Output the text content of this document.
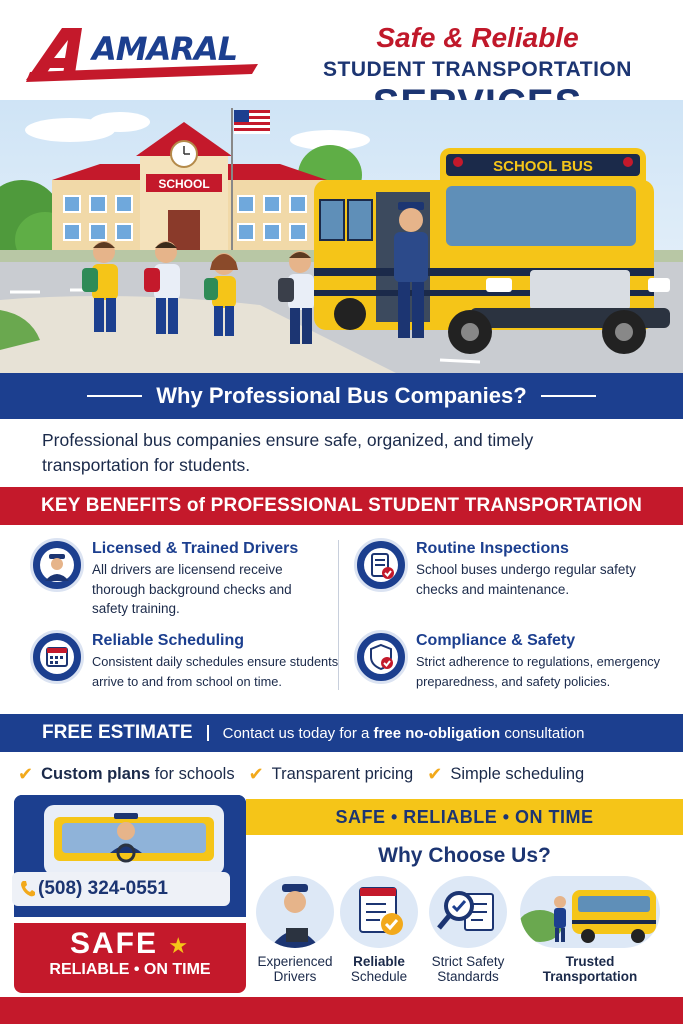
AMARAL	Safe & Reliable
STUDENT TRANSPORTATION
SCHOOL
SCHOOL BUS
Why Professional Bus Companies?
Professional bus companies ensure safe, organized, and timely transportation for students.
KEY BENEFITS of PROFESSIONAL STUDENT TRANSPORTATION
Licensed & Trained Drivers
All drivers are licensend receive thorough background checks and safety training.
Routine Inspections
School buses undergo regular safety checks and maintenance.
Reliable Scheduling
Consistent daily schedules ensure students arrive to and from school on time.
Compliance & Safety
Strict adherence to regulations, emergency preparedness, and safety policies.
FREE ESTIMATE Contact us today for a free no-obligation consultation
✔ Custom plans for schools ✔ Transparent pricing ✔ Simple scheduling
SAFE ★
RELIABLE • ON TIME
(508) 324-0551
SAFE • RELIABLE • ON TIME
Why Choose Us?
Experienced
Drivers
Reliable
Schedule
Strict Safety
Standards
Trusted
Transportation
